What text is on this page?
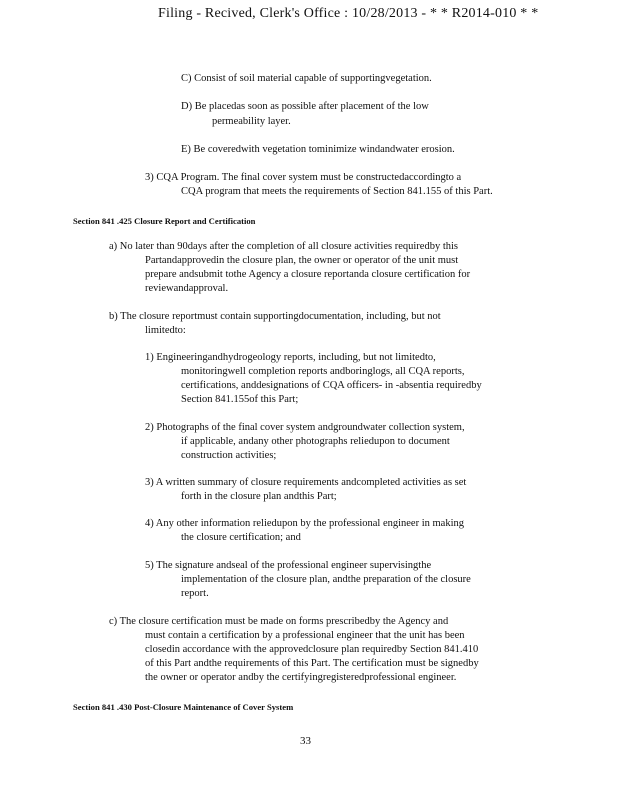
Filing - Recived, Clerk's Office : 10/28/2013 - * * R2014-010 * *
C) Consist of soil material capable of supportingvegetation.
D) Be placedas soon as possible after placement of the low
permeability layer.
E) Be coveredwith vegetation tominimize windandwater erosion.
3) CQA Program. The final cover system must be constructedaccordingto a
CQA program that meets the requirements of Section 841.155 of this Part.
Section 841 .425 Closure Report and Certification
a) No later than 90days after the completion of all closure activities requiredby this
Partandapprovedin the closure plan, the owner or operator of the unit must
prepare andsubmit tothe Agency a closure reportanda closure certification for
reviewandapproval.
b) The closure reportmust contain supportingdocumentation, including, but not
limitedto:
1) Engineeringandhydrogeology reports, including, but not limitedto,
monitoringwell completion reports andboringlogs, all CQA reports,
certifications, anddesignations of CQA officers- in -absentia requiredby
Section 841.155of this Part;
2) Photographs of the final cover system andgroundwater collection system,
if applicable, andany other photographs reliedupon to document
construction activities;
3) A written summary of closure requirements andcompleted activities as set
forth in the closure plan andthis Part;
4) Any other information reliedupon by the professional engineer in making
the closure certification; and
5) The signature andseal of the professional engineer supervisingthe
implementation of the closure plan, andthe preparation of the closure
report.
c) The closure certification must be made on forms prescribedby the Agency and
must contain a certification by a professional engineer that the unit has been
closedin accordance with the approvedclosure plan requiredby Section 841.410
of this Part andthe requirements of this Part. The certification must be signedby
the owner or operator andby the certifyingregisteredprofessional engineer.
Section 841 .430 Post-Closure Maintenance of Cover System
33
